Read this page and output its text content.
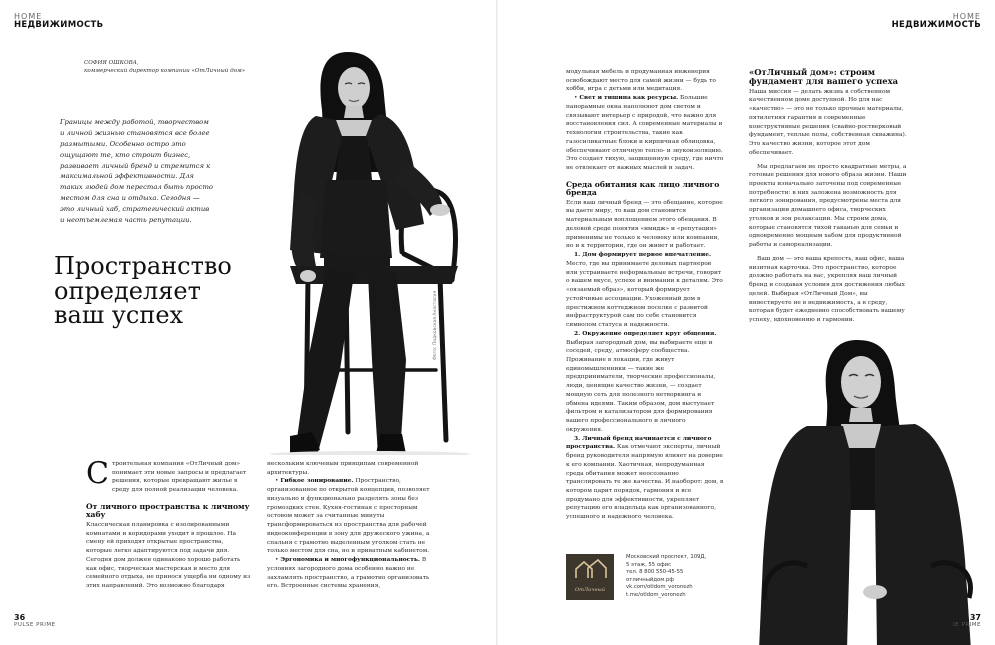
HOME
НЕДВИЖИМОСТЬ
Фото: Подковская Анастасия
СОФИЯ ОШКОВА,
коммерческий директор компании «ОтЛичный дом»

Границы между работой, творчеством и личной жизнью становятся все более размытыми. Особенно остро это ощущают те, кто строит бизнес, развивает личный бренд и стремится к максимальной эффективности. Для таких людей дом перестал быть просто местом для сна и отдыха. Сегодня — это личный хаб, стратегический актив и неотъемлемая часть репутации.

Пространство
определяет
ваш успех

Строительная компания «ОтЛичный дом» понимает эти новые запросы и предлагает решения, которые превращают жилье в среду для полной реализации человека.

От личного пространства к личному хабу

Классическая планировка с изолированными комнатами и коридорами уходит в прошлое. На смену ей приходят открытые пространства, которые легко адаптируются под задачи дня. Сегодня дом должен одинаково хорошо работать как офис, творческая мастерская и место для семейного отдыха, не принося ущерба ни одному из этих направлений. Это возможно благодаря

нескольким ключевым принципам современной архитектуры.

• Гибкое зонирование. Пространство, организованное по открытой концепции, позволяет визуально и функционально разделять зоны без громоздких стен. Кухня-гостиная с просторным остовом может за считанные минуты трансформироваться из пространства для рабочей видеоконференции в зону для дружеского ужина, а спальня с грамотно выделенным уголком стать не только местом для сна, но и приватным кабинетом.

• Эргономика и многофункциональность. В условиях загородного дома особенно важно не захламлять пространство, а грамотно организовать его. Встроенные системы хранения,

36
PULSE PRIME
HOME
НЕДВИЖИМОСТЬ

модульная мебель и продуманная инженерия освобождают место для самой жизни — будь то хобби, игра с детьми или медитация.

• Свет и тишина как ресурсы. Большие панорамные окна наполняют дом светом и связывают интерьер с природой, что важно для восстановления сил. А современные материалы и технологии строительства, такие как газосиликатные блоки и кирпичная облицовка, обеспечивают отличную тепло- и звукоизоляцию. Это создает тихую, защищенную среду, где ничто не отвлекает от важных мыслей и задач.

Среда обитания как лицо личного бренда

Если ваш личный бренд — это обещание, которое вы даете миру, то ваш дом становится материальным воплощением этого обещания. В деловой среде понятия «имидж» и «репутация» применимы не только к человеку или компании, но и к территории, где он живет и работает.

1. Дом формирует первое впечатление. Место, где вы принимаете деловых партнеров или устраиваете неформальные встречи, говорит о вашем вкусе, успехе и внимании к деталям. Это «оязаемый образ», который формирует устойчивые ассоциации. Ухоженный дом в престижном коттеджном поселке с развитой инфраструктурой сам по себе становится символом статуса и надежности.

2. Окружение определяет круг общения. Выбирая загородный дом, вы выбираете еще и соседей, среду, атмосферу сообщества. Проживание в локации, где живут единомышленники — такие же предприниматели, творческие профессионалы, люди, ценящие качество жизни, — создает мощную сеть для полезного нетворкинга и обмена идеями. Таким образом, дом выступает фильтром и катализатором для формирования вашего профессионального и личного окружения.

3. Личный бренд начинается с личного пространства. Как отмечают эксперты, личный бренд руководителя напрямую влияет на доверие к его компании. Хаотичная, непродуманная среда обитания может неосознанно транслировать те же качества. И наоборот: дом, в котором царит порядок, гармония и все продумано для эффективности, укрепляет репутацию его владельца как организованного, успешного и надежного человека.

«ОтЛичный дом»: строим фундамент для вашего успеха

Наша миссия — делать жизнь в собственном качественном доме доступной. Но для нас «качество» — это не только прочные материалы, пятилетняя гарантия и современные конструктивные решения (свайно-ростверковый фундамент, теплые полы, собственная скважина). Это качество жизни, которое этот дом обеспечивает.

Мы предлагаем не просто квадратные метры, а готовые решения для нового образа жизни. Наши проекты изначально заточены под современные потребности: в них заложена возможность для легкого зонирования, предусмотрены места для организации домашнего офиса, творческих уголков и зон релаксации. Мы строим дома, которые становятся тихой гаванью для семьи и одновременно мощным хабом для продуктивной работы и самореализации.

Ваш дом — это ваша крепость, ваш офис, ваша визитная карточка. Это пространство, которое должно работать на вас, укрепляя ваш личный бренд и создавая условия для достижения любых целей. Выбирая «ОтЛичный Дом», вы инвестируете не в недвижимость, а в среду, которая будет ежедневно способствовать вашему успеху, вдохновению и гармонии.

ОтЛичный
Московский проспект, 109Д,
5 этаж, 55 офис
тел. 8 800 550-45-55
отличныйдом.рф
vk.com/otldom_voronezh
t.me/otldom_voronezh
37
IE PRIME
